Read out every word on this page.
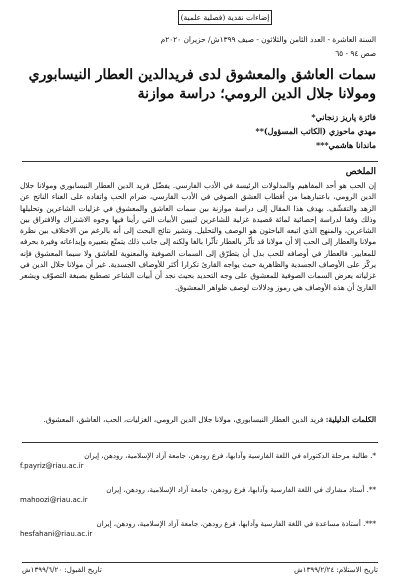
إضاءات نقدية (فصلية علمية)
السنة العاشرة - العدد الثامن والثلاثون - صيف ١٣٩٩ش/ حزيران ٢٠٢٠م
صص ٩٤ - ٦٥
سمات العاشق والمعشوق لدى فريدالدين العطار النيسابوري ومولانا جلال الدين الرومي؛ دراسة موازنة
فائزة پاریز زنجاني*
مهدي ماحوزي (الكاتب المسؤول)**
ماندانا هاشمي***
الملخص
إن الحب هو أحد المفاهيم والمدلولات الرئيسة في الأدب الفارسي. يفضّل فريد الدين العطار النيسابوري ومولانا جلال الدين الرومي، باعتبارهما من أقطاب العشق الصوفي في الأدب الفارسي، ضرام الحب واتقاده على العناء الناتج عن الزهد والتقشّف. يهدف هذا المقال إلى دراسة موازنة بين سمات العاشق والمعشوق في غزليات الشاعرين وتحليلها وذلك وفقا لدراسة إحصائية لمائة قصيدة غزلية للشاعرين لتبيين الأبيات التي رأينا فيها وجوه الاشتراك والافتراق بين الشاعرين، والمنهج الذي اتبعه الباحثون هو الوصف والتحليل. وتشير نتائج البحث إلى أنه بالرغم من الاختلاف بين نظرة مولانا والعطار إلى الحب إلا أن مولانا قد تأثّر بالعطار تأثّرا بالغا ولكنه إلى جانب ذلك يتمتّع بتعبيره وإبداعاته وفيرة بحرفه للمعايير. فالعطار في أوصافه للحب بدل أن يتطرّق إلى السمات الصوفية والمعنوية للعاشق ولا سيما المعشوق فإنه يركّز على الأوصاف الجسدية والظاهرية حيث يواجه القارئ تكرارا أكثر للأوصاف الجسدية. غير أن مولانا جلال الدين في غزلياته يعرض السمات الصوفية للمعشوق على وجه التحديد بحيث نجد أن أبيات الشاعر تصطبغ بصبغة التصوّف ويشعر القارئ أن هذه الأوصاف هي رموز ودلالات لوصف ظواهر المعشوق.
الكلمات الدليلية: فريد الدين العطار النيسابوري، مولانا جلال الدين الرومي، الغزليات، الحب، العاشق، المعشوق.
*. طالبة مرحلة الدكتوراه في اللغة الفارسية وآدابها، فرع رودهن، جامعة آزاد الإسلامية، رودهن، إيران
f.payriz@riau.ac.ir
**. أستاذ مشارك في اللغة الفارسية وآدابها، فرع رودهن، جامعة آزاد الإسلامية، رودهن، إيران
mahoozi@riau.ac.ir
***. أستاذة مساعدة في اللغة الفارسية وآدابها، فرع رودهن، جامعة آزاد الإسلامية، رودهن، إيران
hesfahani@riau.ac.ir
تاريخ الاستلام: ١٣٩٩/٢/٢٤ش
تاريخ القبول: ١٣٩٩/٦/٢٠ش
